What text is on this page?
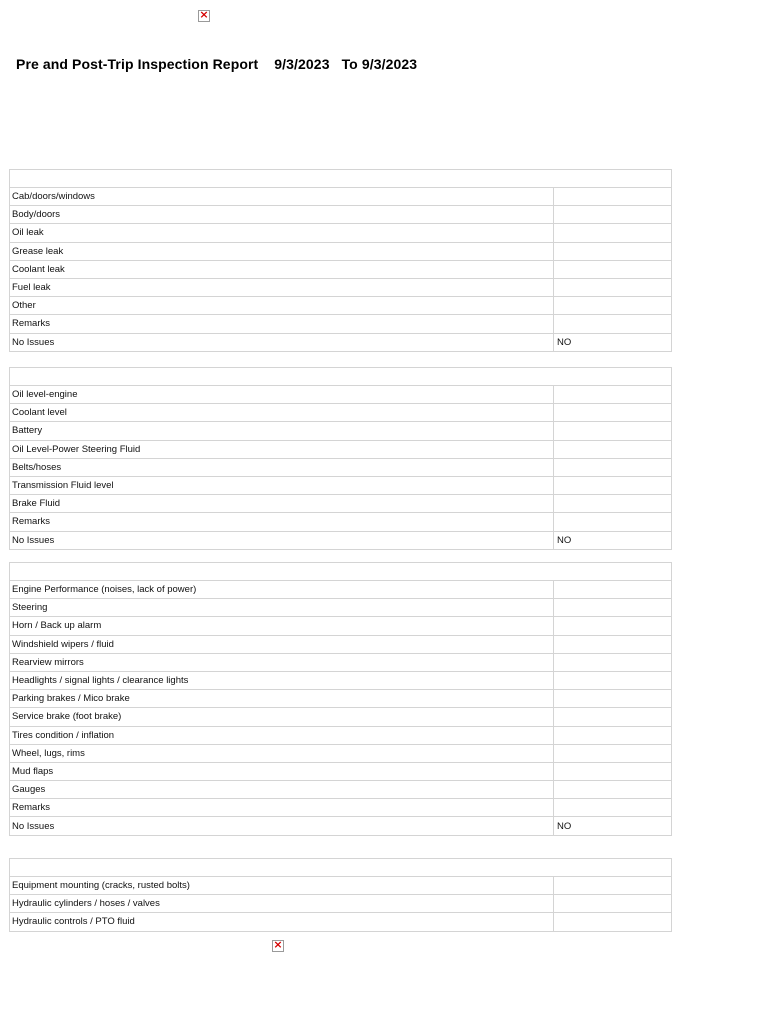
×
Pre and Post-Trip Inspection Report 9/3/2023 To 9/3/2023

Cab/doors/windows	
Body/doors	
Oil leak	
Grease leak	
Coolant leak	
Fuel leak	
Other	
Remarks	
No Issues	NO

Oil level-engine	
Coolant level	
Battery	
Oil Level-Power Steering Fluid	
Belts/hoses	
Transmission Fluid level	
Brake Fluid	
Remarks	
No Issues	NO

Engine Performance (noises, lack of power)	
Steering	
Horn / Back up alarm	
Windshield wipers / fluid	
Rearview mirrors	
Headlights / signal lights / clearance lights	
Parking brakes / Mico brake	
Service brake (foot brake)	
Tires condition / inflation	
Wheel, lugs, rims	
Mud flaps	
Gauges	
Remarks	
No Issues	NO

Equipment mounting (cracks, rusted bolts)	
Hydraulic cylinders / hoses / valves	
Hydraulic controls / PTO fluid	
×
